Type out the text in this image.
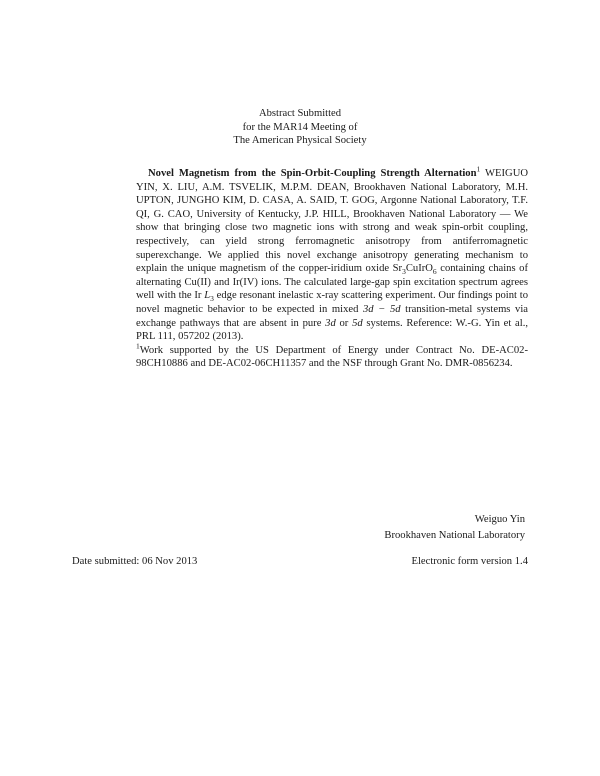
Abstract Submitted
for the MAR14 Meeting of
The American Physical Society

Novel Magnetism from the Spin-Orbit-Coupling Strength Alternation$^1$ WEIGUO YIN, X. LIU, A.M. TSVELIK, M.P.M. DEAN, Brookhaven National Laboratory, M.H. UPTON, JUNGHO KIM, D. CASA, A. SAID, T. GOG, Argonne National Laboratory, T.F. QI, G. CAO, University of Kentucky, J.P. HILL, Brookhaven National Laboratory — We show that bringing close two magnetic ions with strong and weak spin-orbit coupling, respectively, can yield strong ferromagnetic anisotropy from antiferromagnetic superexchange. We applied this novel exchange anisotropy generating mechanism to explain the unique magnetism of the copper-iridium oxide $Sr_3CuIrO_6$ containing chains of alternating Cu(II) and Ir(IV) ions. The calculated large-gap spin excitation spectrum agrees well with the Ir $L_3$ edge resonant inelastic x-ray scattering experiment. Our findings point to novel magnetic behavior to be expected in mixed 3d − 5d transition-metal systems via exchange pathways that are absent in pure 3d or 5d systems. Reference: W.-G. Yin et al., PRL 111, 057202 (2013).

$^1$Work supported by the US Department of Energy under Contract No. DE-AC02-98CH10886 and DE-AC02-06CH11357 and the NSF through Grant No. DMR-0856234.

Weiguo Yin
Brookhaven National Laboratory
Date submitted: 06 Nov 2013	Electronic form version 1.4
